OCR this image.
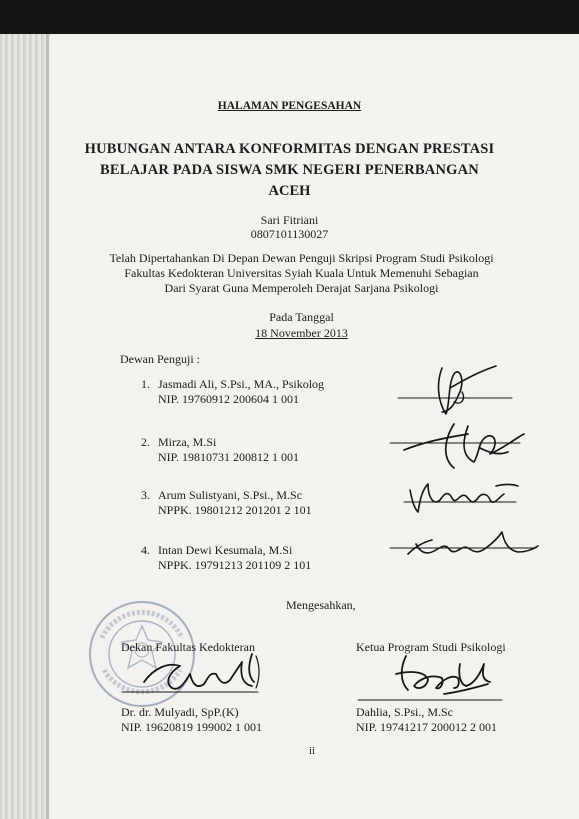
HALAMAN PENGESAHAN
HUBUNGAN ANTARA KONFORMITAS DENGAN PRESTASI
BELAJAR PADA SISWA SMK NEGERI PENERBANGAN
ACEH
Sari Fitriani
0807101130027
Telah Dipertahankan Di Depan Dewan Penguji Skripsi Program Studi Psikologi
Fakultas Kedokteran Universitas Syiah Kuala Untuk Memenuhi Sebagian
Dari Syarat Guna Memperoleh Derajat Sarjana Psikologi
Pada Tanggal
18 November 2013
Dewan Penguji :
1. Jasmadi Ali, S.Psi., MA., Psikolog
NIP. 19760912 200604 1 001
2. Mirza, M.Si
NIP. 19810731 200812 1 001
3. Arum Sulistyani, S.Psi., M.Sc
NPPK. 19801212 201201 2 101
4. Intan Dewi Kesumala, M.Si
NPPK. 19791213 201109 2 101
Mengesahkan,
Dekan Fakultas Kedokteran
Dr. dr. Mulyadi, SpP.(K)
NIP. 19620819 199002 1 001
Ketua Program Studi Psikologi
Dahlia, S.Psi., M.Sc
NIP. 19741217 200012 2 001
ii
